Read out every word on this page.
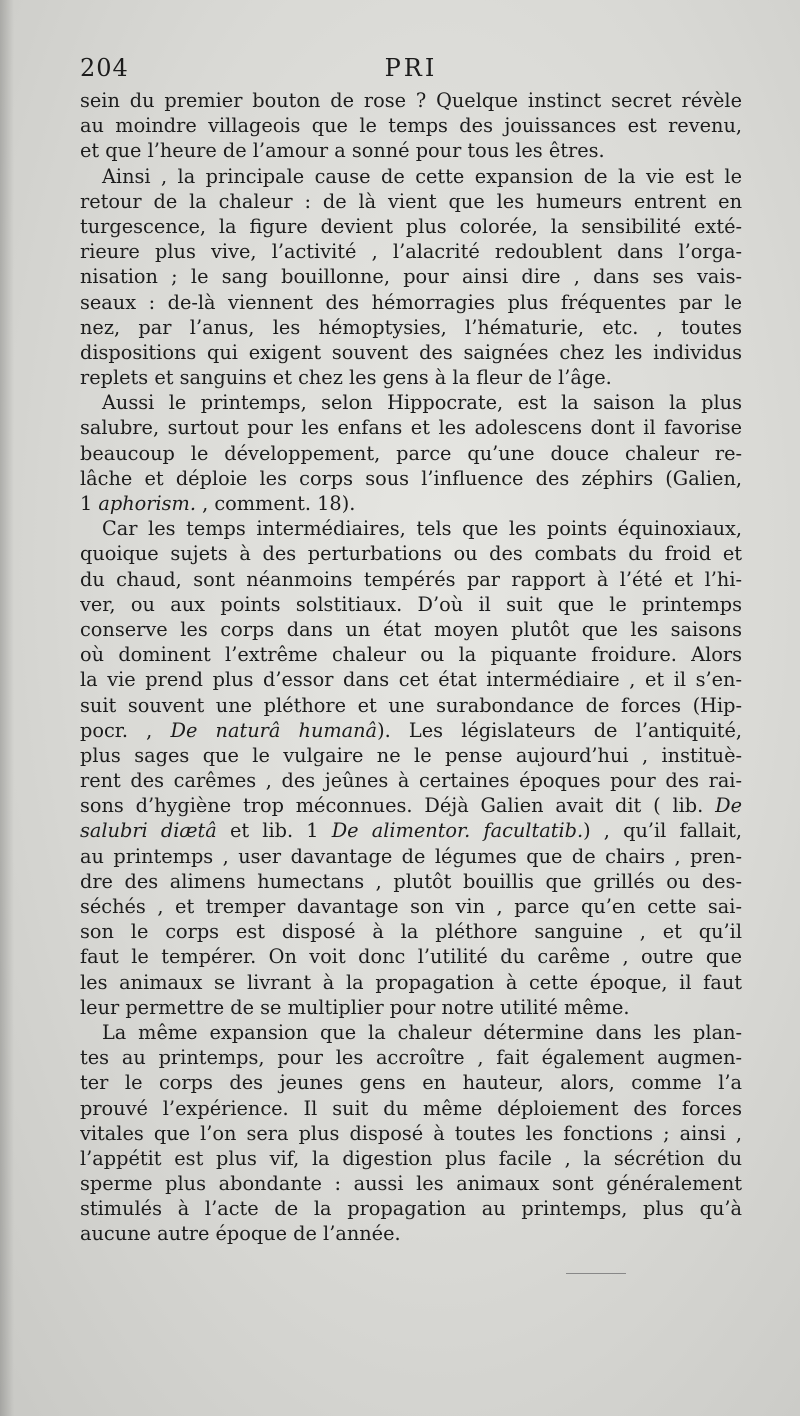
204	PRI
sein du premier bouton de rose ? Quelque instinct secret révèle
au moindre villageois que le temps des jouissances est revenu,
et que l’heure de l’amour a sonné pour tous les êtres.
Ainsi , la principale cause de cette expansion de la vie est le
retour de la chaleur : de là vient que les humeurs entrent en
turgescence, la figure devient plus colorée, la sensibilité exté-
rieure plus vive, l’activité , l’alacrité redoublent dans l’orga-
nisation ; le sang bouillonne, pour ainsi dire , dans ses vais-
seaux : de-là viennent des hémorragies plus fréquentes par le
nez, par l’anus, les hémoptysies, l’hématurie, etc. , toutes
dispositions qui exigent souvent des saignées chez les individus
replets et sanguins et chez les gens à la fleur de l’âge.
Aussi le printemps, selon Hippocrate, est la saison la plus
salubre, surtout pour les enfans et les adolescens dont il favorise
beaucoup le développement, parce qu’une douce chaleur re-
lâche et déploie les corps sous l’influence des zéphirs (Galien,
1 aphorism. , comment. 18).
Car les temps intermédiaires, tels que les points équinoxiaux,
quoique sujets à des perturbations ou des combats du froid et
du chaud, sont néanmoins tempérés par rapport à l’été et l’hi-
ver, ou aux points solstitiaux. D’où il suit que le printemps
conserve les corps dans un état moyen plutôt que les saisons
où dominent l’extrême chaleur ou la piquante froidure. Alors
la vie prend plus d’essor dans cet état intermédiaire , et il s’en-
suit souvent une pléthore et une surabondance de forces (Hip-
pocr. , De naturâ humanâ). Les législateurs de l’antiquité,
plus sages que le vulgaire ne le pense aujourd’hui , instituè-
rent des carêmes , des jeûnes à certaines époques pour des rai-
sons d’hygiène trop méconnues. Déjà Galien avait dit ( lib. De
salubri diætâ et lib. 1 De alimentor. facultatib.) , qu’il fallait,
au printemps , user davantage de légumes que de chairs , pren-
dre des alimens humectans , plutôt bouillis que grillés ou des-
séchés , et tremper davantage son vin , parce qu’en cette sai-
son le corps est disposé à la pléthore sanguine , et qu’il
faut le tempérer. On voit donc l’utilité du carême , outre que
les animaux se livrant à la propagation à cette époque, il faut
leur permettre de se multiplier pour notre utilité même.
La même expansion que la chaleur détermine dans les plan-
tes au printemps, pour les accroître , fait également augmen-
ter le corps des jeunes gens en hauteur, alors, comme l’a
prouvé l’expérience. Il suit du même déploiement des forces
vitales que l’on sera plus disposé à toutes les fonctions ; ainsi ,
l’appétit est plus vif, la digestion plus facile , la sécrétion du
sperme plus abondante : aussi les animaux sont généralement
stimulés à l’acte de la propagation au printemps, plus qu’à
aucune autre époque de l’année.
